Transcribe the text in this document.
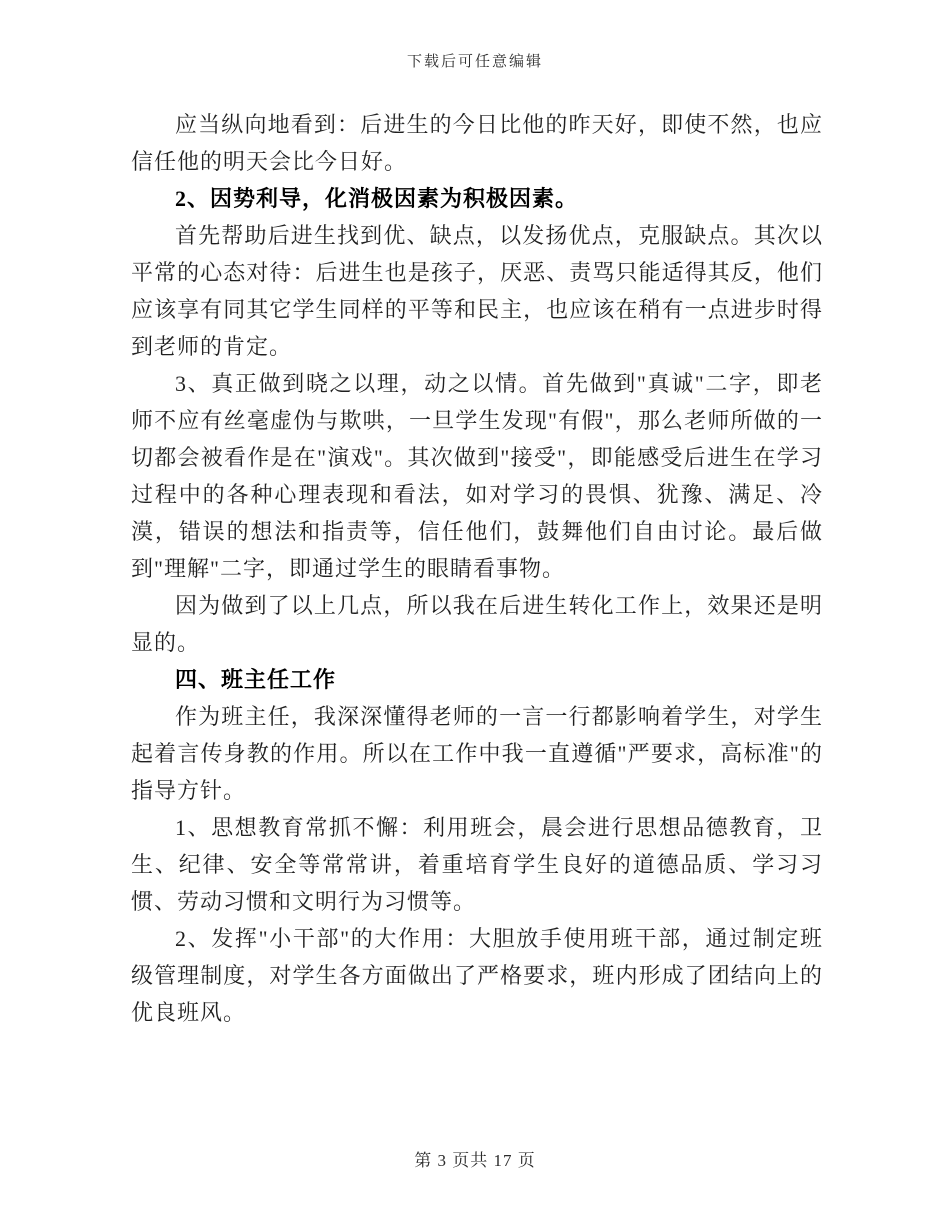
下载后可任意编辑

应当纵向地看到：后进生的今日比他的昨天好，即使不然，也应信任他的明天会比今日好。

2、因势利导，化消极因素为积极因素。

首先帮助后进生找到优、缺点，以发扬优点，克服缺点。其次以平常的心态对待：后进生也是孩子，厌恶、责骂只能适得其反，他们应该享有同其它学生同样的平等和民主，也应该在稍有一点进步时得到老师的肯定。

3、真正做到晓之以理，动之以情。首先做到"真诚"二字，即老师不应有丝毫虚伪与欺哄，一旦学生发现"有假"，那么老师所做的一切都会被看作是在"演戏"。其次做到"接受"，即能感受后进生在学习过程中的各种心理表现和看法，如对学习的畏惧、犹豫、满足、冷漠，错误的想法和指责等，信任他们，鼓舞他们自由讨论。最后做到"理解"二字，即通过学生的眼睛看事物。

因为做到了以上几点，所以我在后进生转化工作上，效果还是明显的。

四、班主任工作

作为班主任，我深深懂得老师的一言一行都影响着学生，对学生起着言传身教的作用。所以在工作中我一直遵循"严要求，高标准"的指导方针。

1、思想教育常抓不懈：利用班会，晨会进行思想品德教育，卫生、纪律、安全等常常讲，着重培育学生良好的道德品质、学习习惯、劳动习惯和文明行为习惯等。

2、发挥"小干部"的大作用：大胆放手使用班干部，通过制定班级管理制度，对学生各方面做出了严格要求，班内形成了团结向上的优良班风。

第 3 页共 17 页
